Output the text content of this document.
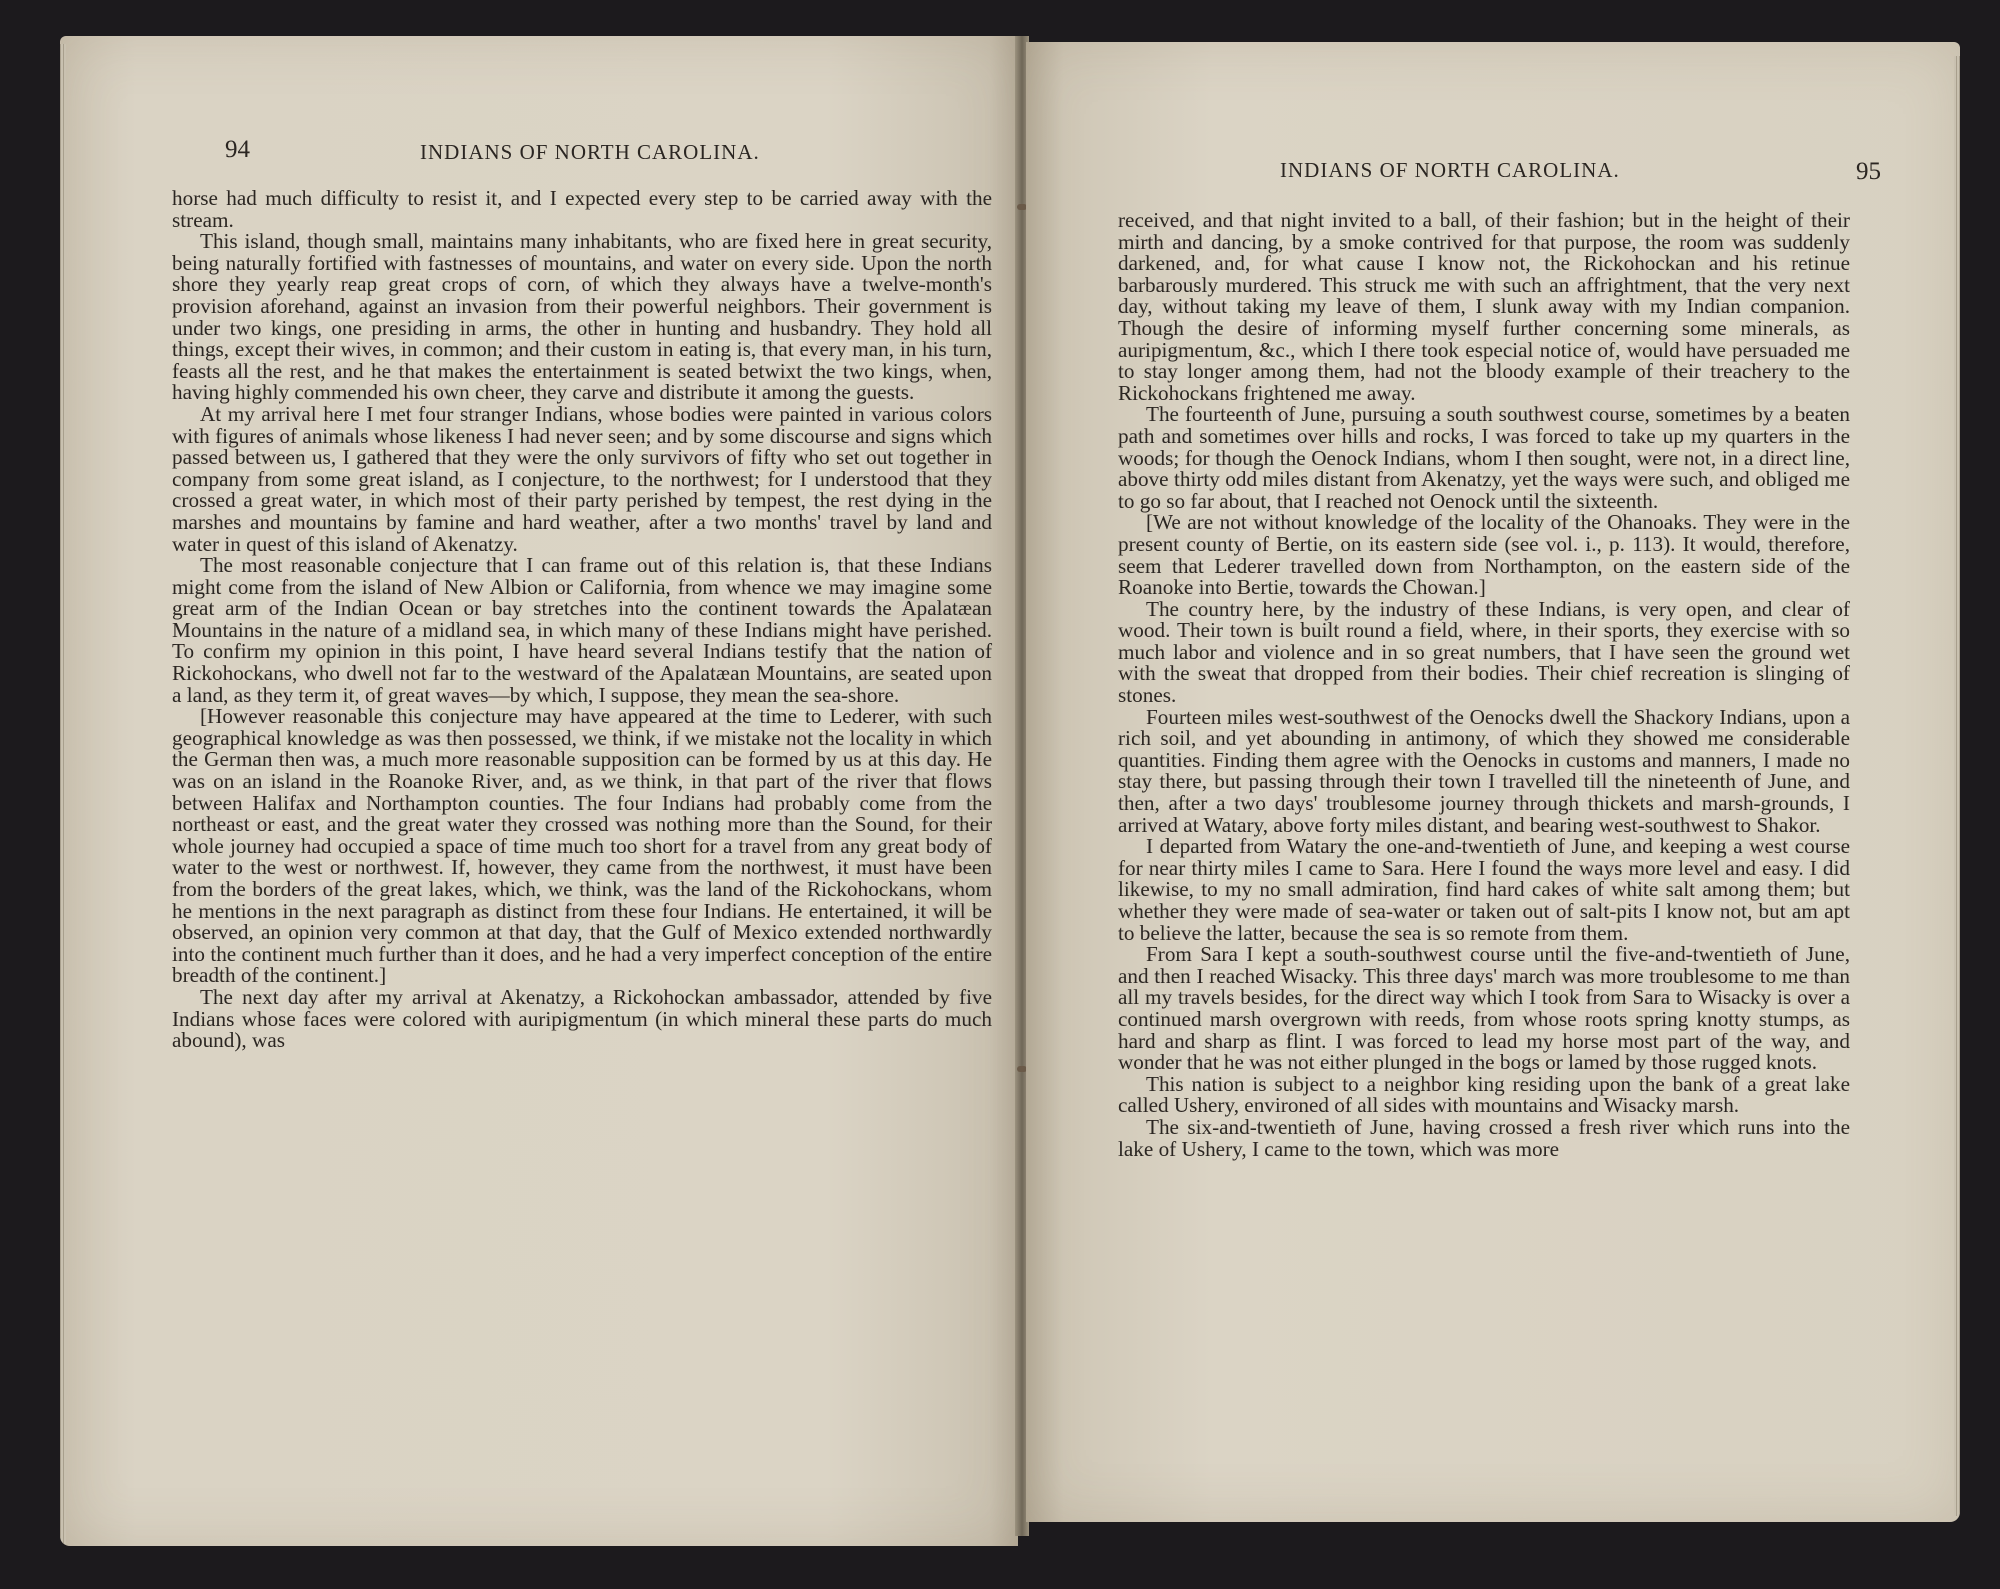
94	INDIANS OF NORTH CAROLINA.

horse had much difficulty to resist it, and I expected every step to be carried away with the stream.

This island, though small, maintains many inhabitants, who are fixed here in great security, being naturally fortified with fastnesses of mountains, and water on every side. Upon the north shore they yearly reap great crops of corn, of which they always have a twelve-month's provision aforehand, against an invasion from their powerful neighbors. Their government is under two kings, one presiding in arms, the other in hunting and husbandry. They hold all things, except their wives, in common; and their custom in eating is, that every man, in his turn, feasts all the rest, and he that makes the entertainment is seated betwixt the two kings, when, having highly commended his own cheer, they carve and distribute it among the guests.

At my arrival here I met four stranger Indians, whose bodies were painted in various colors with figures of animals whose likeness I had never seen; and by some discourse and signs which passed between us, I gathered that they were the only survivors of fifty who set out together in company from some great island, as I conjecture, to the northwest; for I understood that they crossed a great water, in which most of their party perished by tempest, the rest dying in the marshes and mountains by famine and hard weather, after a two months' travel by land and water in quest of this island of Akenatzy.

The most reasonable conjecture that I can frame out of this relation is, that these Indians might come from the island of New Albion or California, from whence we may imagine some great arm of the Indian Ocean or bay stretches into the continent towards the Apalatæan Mountains in the nature of a midland sea, in which many of these Indians might have perished. To confirm my opinion in this point, I have heard several Indians testify that the nation of Rickohockans, who dwell not far to the westward of the Apalatæan Mountains, are seated upon a land, as they term it, of great waves—by which, I suppose, they mean the sea-shore.

[However reasonable this conjecture may have appeared at the time to Lederer, with such geographical knowledge as was then possessed, we think, if we mistake not the locality in which the German then was, a much more reasonable supposition can be formed by us at this day. He was on an island in the Roanoke River, and, as we think, in that part of the river that flows between Halifax and Northampton counties. The four Indians had probably come from the northeast or east, and the great water they crossed was nothing more than the Sound, for their whole journey had occupied a space of time much too short for a travel from any great body of water to the west or northwest. If, however, they came from the northwest, it must have been from the borders of the great lakes, which, we think, was the land of the Rickohockans, whom he mentions in the next paragraph as distinct from these four Indians. He entertained, it will be observed, an opinion very common at that day, that the Gulf of Mexico extended northwardly into the continent much further than it does, and he had a very imperfect conception of the entire breadth of the continent.]

The next day after my arrival at Akenatzy, a Rickohockan ambassador, attended by five Indians whose faces were colored with auripigmentum (in which mineral these parts do much abound), was

INDIANS OF NORTH CAROLINA.	95

received, and that night invited to a ball, of their fashion; but in the height of their mirth and dancing, by a smoke contrived for that purpose, the room was suddenly darkened, and, for what cause I know not, the Rickohockan and his retinue barbarously murdered. This struck me with such an affrightment, that the very next day, without taking my leave of them, I slunk away with my Indian companion. Though the desire of informing myself further concerning some minerals, as auripigmentum, &c., which I there took especial notice of, would have persuaded me to stay longer among them, had not the bloody example of their treachery to the Rickohockans frightened me away.

The fourteenth of June, pursuing a south southwest course, sometimes by a beaten path and sometimes over hills and rocks, I was forced to take up my quarters in the woods; for though the Oenock Indians, whom I then sought, were not, in a direct line, above thirty odd miles distant from Akenatzy, yet the ways were such, and obliged me to go so far about, that I reached not Oenock until the sixteenth.

[We are not without knowledge of the locality of the Ohanoaks. They were in the present county of Bertie, on its eastern side (see vol. i., p. 113). It would, therefore, seem that Lederer travelled down from Northampton, on the eastern side of the Roanoke into Bertie, towards the Chowan.]

The country here, by the industry of these Indians, is very open, and clear of wood. Their town is built round a field, where, in their sports, they exercise with so much labor and violence and in so great numbers, that I have seen the ground wet with the sweat that dropped from their bodies. Their chief recreation is slinging of stones.

Fourteen miles west-southwest of the Oenocks dwell the Shackory Indians, upon a rich soil, and yet abounding in antimony, of which they showed me considerable quantities. Finding them agree with the Oenocks in customs and manners, I made no stay there, but passing through their town I travelled till the nineteenth of June, and then, after a two days' troublesome journey through thickets and marsh-grounds, I arrived at Watary, above forty miles distant, and bearing west-southwest to Shakor.

I departed from Watary the one-and-twentieth of June, and keeping a west course for near thirty miles I came to Sara. Here I found the ways more level and easy. I did likewise, to my no small admiration, find hard cakes of white salt among them; but whether they were made of sea-water or taken out of salt-pits I know not, but am apt to believe the latter, because the sea is so remote from them.

From Sara I kept a south-southwest course until the five-and-twentieth of June, and then I reached Wisacky. This three days' march was more troublesome to me than all my travels besides, for the direct way which I took from Sara to Wisacky is over a continued marsh overgrown with reeds, from whose roots spring knotty stumps, as hard and sharp as flint. I was forced to lead my horse most part of the way, and wonder that he was not either plunged in the bogs or lamed by those rugged knots.

This nation is subject to a neighbor king residing upon the bank of a great lake called Ushery, environed of all sides with mountains and Wisacky marsh.

The six-and-twentieth of June, having crossed a fresh river which runs into the lake of Ushery, I came to the town, which was more
